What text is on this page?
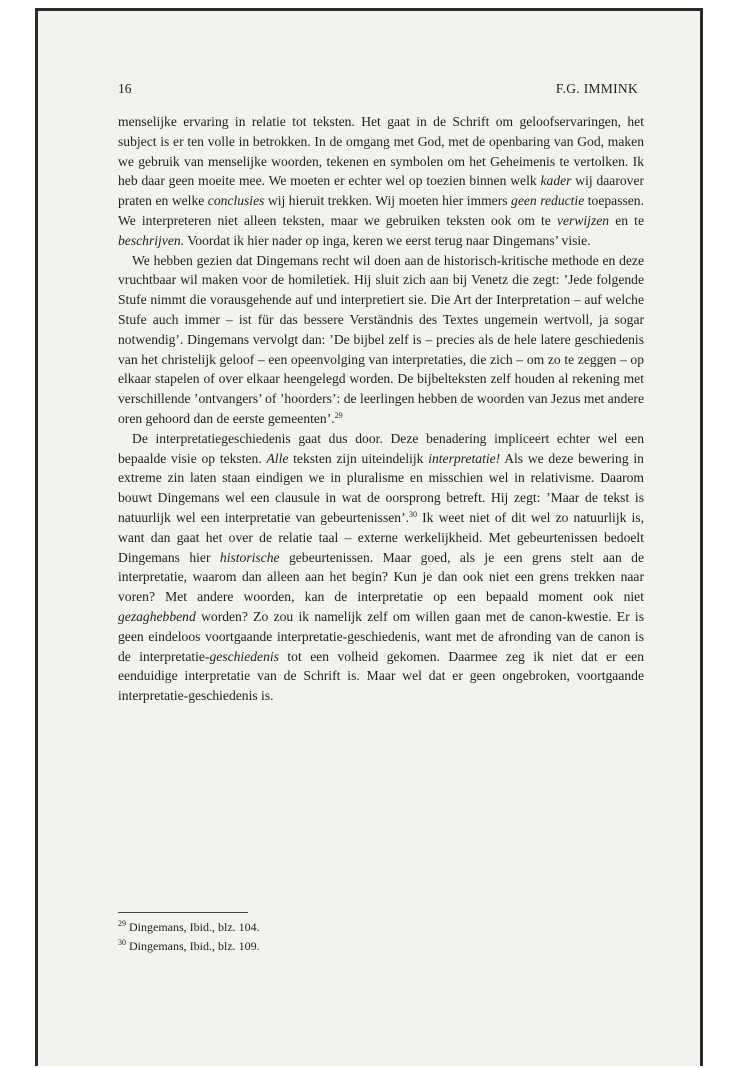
16	F.G. IMMINK

menselijke ervaring in relatie tot teksten. Het gaat in de Schrift om geloofservaringen, het subject is er ten volle in betrokken. In de omgang met God, met de openbaring van God, maken we gebruik van menselijke woorden, tekenen en symbolen om het Geheimenis te vertolken. Ik heb daar geen moeite mee. We moeten er echter wel op toezien binnen welk kader wij daarover praten en welke conclusies wij hieruit trekken. Wij moeten hier immers geen reductie toepassen. We interpreteren niet alleen teksten, maar we gebruiken teksten ook om te verwijzen en te beschrijven. Voordat ik hier nader op inga, keren we eerst terug naar Dingemans’ visie.

We hebben gezien dat Dingemans recht wil doen aan de historisch-kritische methode en deze vruchtbaar wil maken voor de homiletiek. Hij sluit zich aan bij Venetz die zegt: ’Jede folgende Stufe nimmt die vorausgehende auf und interpretiert sie. Die Art der Interpretation – auf welche Stufe auch immer – ist für das bessere Verständnis des Textes ungemein wertvoll, ja sogar notwendig’. Dingemans vervolgt dan: ’De bijbel zelf is – precies als de hele latere geschiedenis van het christelijk geloof – een opeenvolging van interpretaties, die zich – om zo te zeggen – op elkaar stapelen of over elkaar heengelegd worden. De bijbelteksten zelf houden al rekening met verschillende ’ontvangers’ of ’hoorders’: de leerlingen hebben de woorden van Jezus met andere oren gehoord dan de eerste gemeenten’.$^{29}$

De interpretatiegeschiedenis gaat dus door. Deze benadering impliceert echter wel een bepaalde visie op teksten. Alle teksten zijn uiteindelijk interpretatie! Als we deze bewering in extreme zin laten staan eindigen we in pluralisme en misschien wel in relativisme. Daarom bouwt Dingemans wel een clausule in wat de oorsprong betreft. Hij zegt: ’Maar de tekst is natuurlijk wel een interpretatie van gebeurtenissen’.$^{30}$ Ik weet niet of dit wel zo natuurlijk is, want dan gaat het over de relatie taal – externe werkelijkheid. Met gebeurtenissen bedoelt Dingemans hier historische gebeurtenissen. Maar goed, als je een grens stelt aan de interpretatie, waarom dan alleen aan het begin? Kun je dan ook niet een grens trekken naar voren? Met andere woorden, kan de interpretatie op een bepaald moment ook niet gezaghebbend worden? Zo zou ik namelijk zelf om willen gaan met de canon-kwestie. Er is geen eindeloos voortgaande interpretatie-geschiedenis, want met de afronding van de canon is de interpretatie-geschiedenis tot een volheid gekomen. Daarmee zeg ik niet dat er een eenduidige interpretatie van de Schrift is. Maar wel dat er geen ongebroken, voortgaande interpretatie-geschiedenis is.

$^{29}$ Dingemans, Ibid., blz. 104.
$^{30}$ Dingemans, Ibid., blz. 109.
